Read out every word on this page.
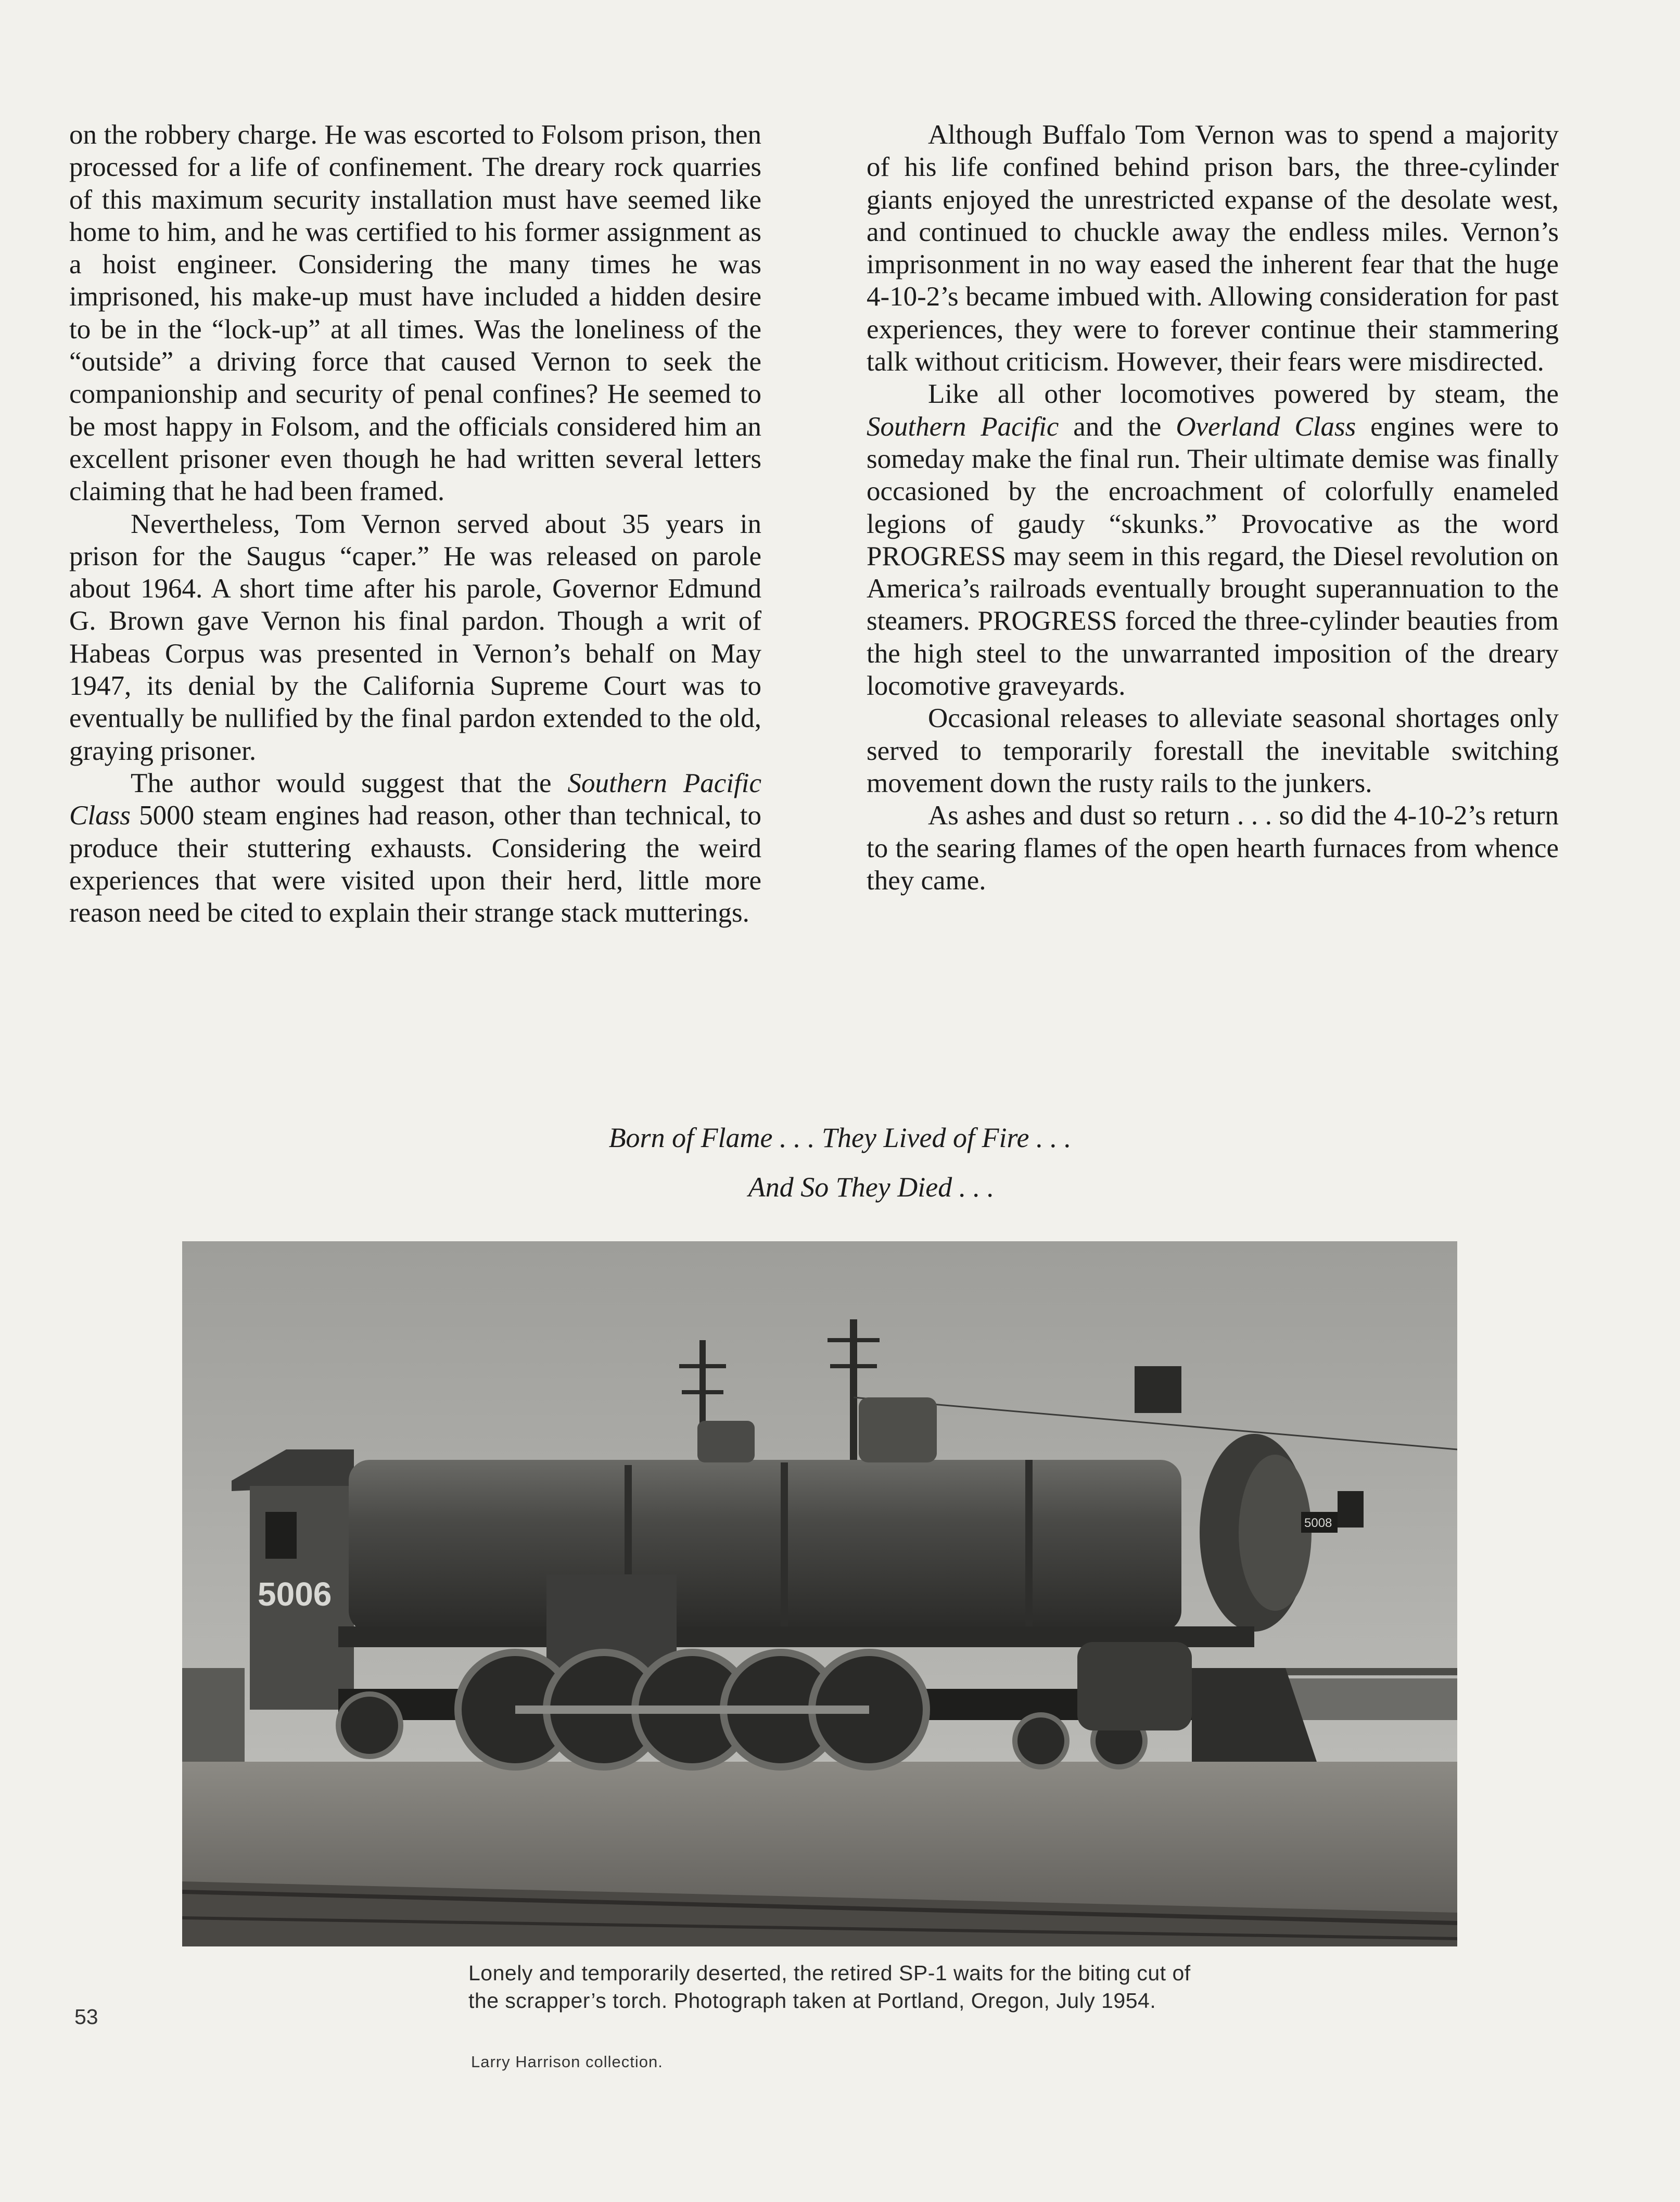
on the robbery charge. He was escorted to Folsom prison, then processed for a life of confinement. The dreary rock quarries of this maximum security installation must have seemed like home to him, and he was certified to his former assignment as a hoist engineer. Considering the many times he was imprisoned, his make-up must have included a hidden desire to be in the “lock-up” at all times. Was the loneliness of the “outside” a driving force that caused Vernon to seek the companionship and security of penal confines? He seemed to be most happy in Folsom, and the officials considered him an excellent prisoner even though he had written several letters claiming that he had been framed.

Nevertheless, Tom Vernon served about 35 years in prison for the Saugus “caper.” He was released on parole about 1964. A short time after his parole, Governor Edmund G. Brown gave Vernon his final pardon. Though a writ of Habeas Corpus was presented in Vernon’s behalf on May 1947, its denial by the California Supreme Court was to eventually be nullified by the final pardon extended to the old, graying prisoner.

The author would suggest that the Southern Pacific Class 5000 steam engines had reason, other than technical, to produce their stuttering exhausts. Considering the weird experiences that were visited upon their herd, little more reason need be cited to explain their strange stack mutterings.

Although Buffalo Tom Vernon was to spend a majority of his life confined behind prison bars, the three-cylinder giants enjoyed the unrestricted expanse of the desolate west, and continued to chuckle away the endless miles. Vernon’s imprisonment in no way eased the inherent fear that the huge 4-10-2’s became imbued with. Allowing consideration for past experiences, they were to forever continue their stammering talk without criticism. However, their fears were misdirected.

Like all other locomotives powered by steam, the Southern Pacific and the Overland Class engines were to someday make the final run. Their ultimate demise was finally occasioned by the encroachment of colorfully enameled legions of gaudy “skunks.” Provocative as the word PROGRESS may seem in this regard, the Diesel revolution on America’s railroads eventually brought superannuation to the steamers. PROGRESS forced the three-cylinder beauties from the high steel to the unwarranted imposition of the dreary locomotive graveyards.

Occasional releases to alleviate seasonal shortages only served to temporarily forestall the inevitable switching movement down the rusty rails to the junkers.

As ashes and dust so return . . . so did the 4-10-2’s return to the searing flames of the open hearth furnaces from whence they came.

Born of Flame . . . They Lived of Fire . . .
And So They Died . . .
5006
5008
Lonely and temporarily deserted, the retired SP-1 waits for the biting cut of the scrapper’s torch. Photograph taken at Portland, Oregon, July 1954.
Larry Harrison collection.
53
